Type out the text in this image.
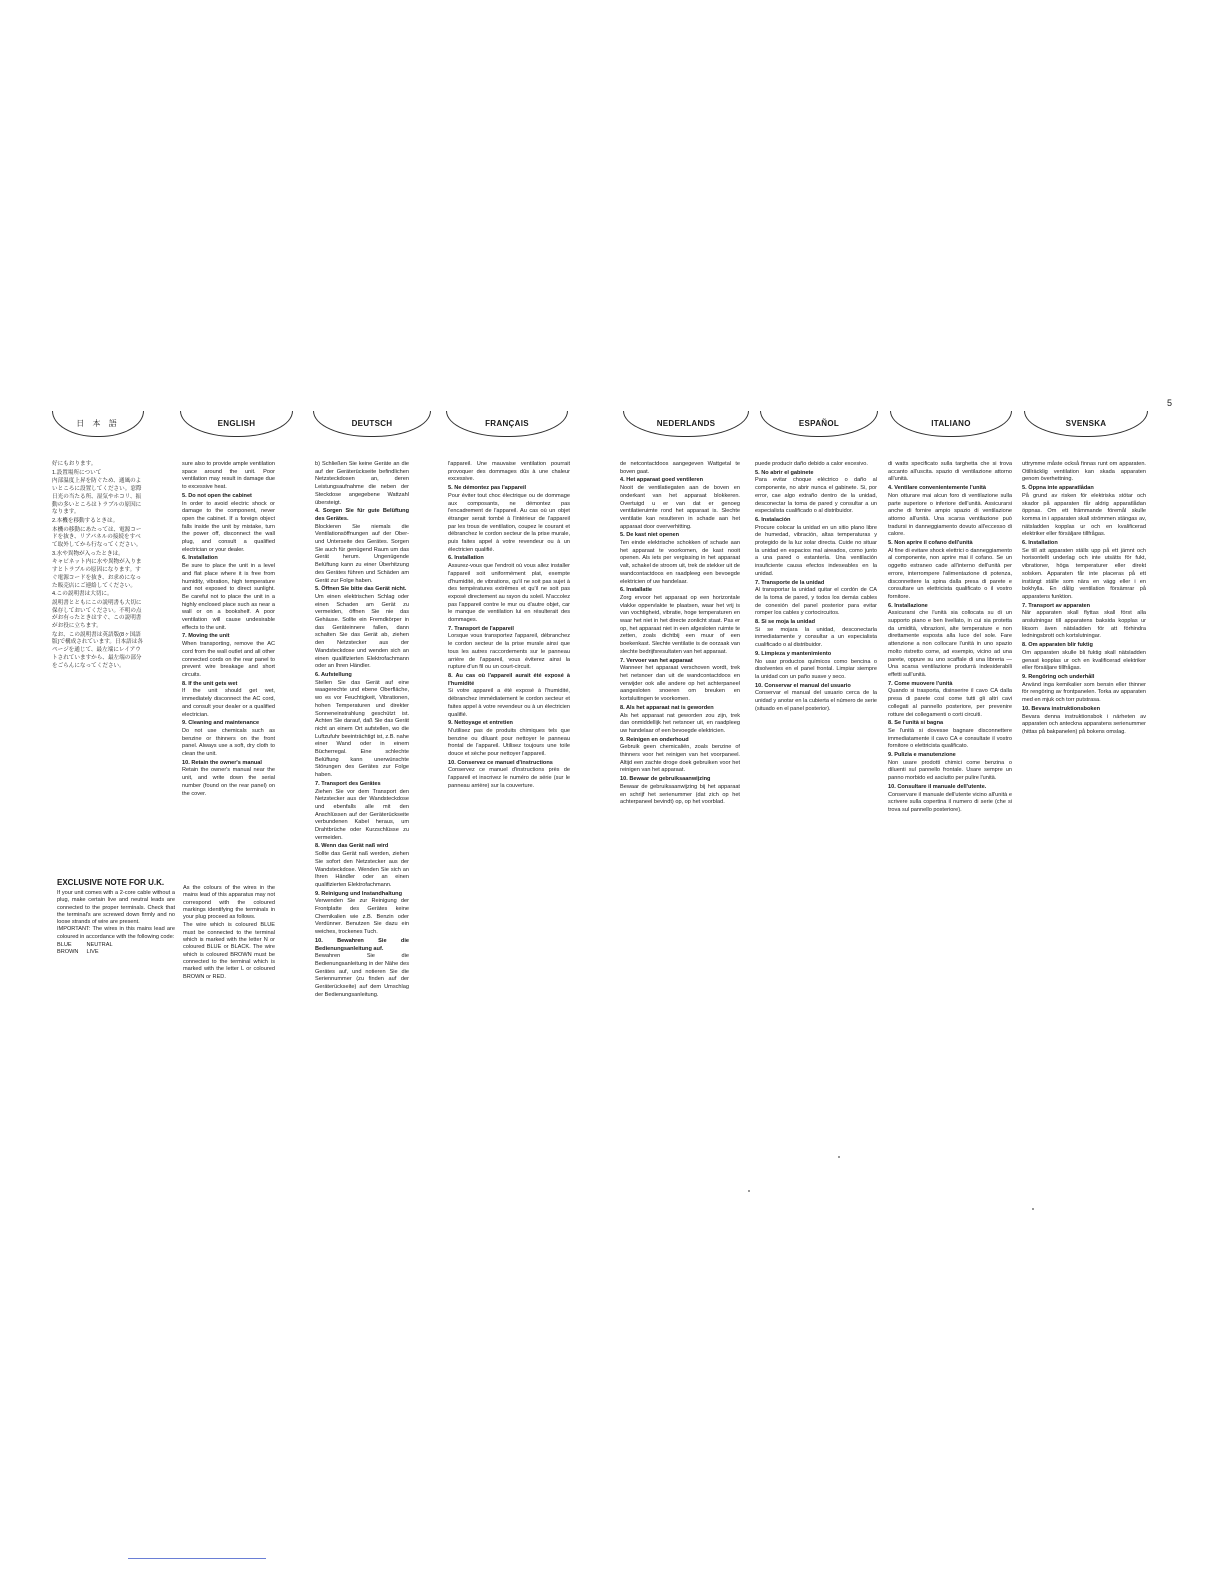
5
日 本 語	ENGLISH	DEUTSCH	FRANÇAIS	NEDERLANDS	ESPAÑOL	ITALIANO	SVENSKA

好にもおります。

1.設置場所について

内部温度上昇を防ぐため、通風のよいところに設置してください。窓際日光の当たる所、湿気やホコリ、振動の多いところはトラブルの原因になります。

2.本機を移動するときは。

本機の移動にあたっては、電源コードを抜き、リアパネルの接続をすべて取外してから行なってください。

3.水や異物が入ったときは。

キャビネット内に水や異物が入りますとトラブルの原因になります。すぐ電源コードを抜き、お求めになった販売店にご連絡してください。

4.この説明書は大切に。

説明書とともにこの説明書も大切に保存しておいてください。不明の点がお有ったときはすぐ、この説明書がお役に立ちます。

なお、この説明書は英語版(8ヶ国語版)で構成されています。日本語は各ページを通じて、最左端にレイアウトされていますから、最左端の部分をごらんになってください。

sure also to provide ample ventilation space around the unit. Poor ventilation may result in damage due to excessive heat.

5. Do not open the cabinet

In order to avoid electric shock or damage to the component, never open the cabinet. If a foreign object falls inside the unit by mistake, turn the power off, disconnect the wall plug, and consult a qualified electrician or your dealer.

6. Installation

Be sure to place the unit in a level and flat place where it is free from humidity, vibration, high temperature and not exposed to direct sunlight. Be careful not to place the unit in a highly enclosed place such as near a wall or on a bookshelf. A poor ventilation will cause undesirable effects to the unit.

7. Moving the unit

When transporting, remove the AC cord from the wall outlet and all other connected cords on the rear panel to prevent wire breakage and short circuits.

8. If the unit gets wet

If the unit should get wet, immediately disconnect the AC cord, and consult your dealer or a qualified electrician.

9. Cleaning and maintenance

Do not use chemicals such as benzine or thinners on the front panel. Always use a soft, dry cloth to clean the unit.

10. Retain the owner's manual

Retain the owner's manual near the unit, and write down the serial number (found on the rear panel) on the cover.

b) Schließen Sie keine Geräte an die auf der Geräterückseite befindlichen Netzsteckdosen an, deren Leistungsaufnahme die neben der Steckdose angegebene Wattzahl übersteigt.

4. Sorgen Sie für gute Belüftung des Gerätes.

Blockieren Sie niemals die Ventilationsöffnungen auf der Ober- und Unterseite des Gerätes. Sorgen Sie auch für genügend Raum um das Gerät herum. Ungenügende Belüftung kann zu einer Überhitzung des Gerätes führen und Schäden am Gerät zur Folge haben.

5. Öffnen Sie bitte das Gerät nicht.

Um einen elektrischen Schlag oder einen Schaden am Gerät zu vermeiden, öffnen Sie nie das Gehäuse. Sollte ein Fremdkörper in das Geräteinnere fallen, dann schalten Sie das Gerät ab, ziehen den Netzstecker aus der Wandsteckdose und wenden sich an einen qualifizierten Elektrofachmann oder an Ihren Händler.

6. Aufstellung

Stellen Sie das Gerät auf eine waagerechte und ebene Oberfläche, wo es vor Feuchtigkeit, Vibrationen, hohen Temperaturen und direkter Sonneneinstrahlung geschützt ist. Achten Sie darauf, daß Sie das Gerät nicht an einem Ort aufstellen, wo die Luftzufuhr beeinträchtigt ist, z.B. nahe einer Wand oder in einem Bücherregal. Eine schlechte Belüftung kann unerwünschte Störungen des Gerätes zur Folge haben.

7. Transport des Gerätes

Ziehen Sie vor dem Transport den Netzstecker aus der Wandsteckdose und ebenfalls alle mit den Anschlüssen auf der Geräterückseite verbundenen Kabel heraus, um Drahtbrüche oder Kurzschlüsse zu vermeiden.

8. Wenn das Gerät naß wird

Sollte das Gerät naß werden, ziehen Sie sofort den Netzstecker aus der Wandsteckdose. Wenden Sie sich an Ihren Händler oder an einen qualifizierten Elektrofachmann.

9. Reinigung und Instandhaltung

Verwenden Sie zur Reinigung der Frontplatte des Gerätes keine Chemikalien wie z.B. Benzin oder Verdünner. Benutzen Sie dazu ein weiches, trockenes Tuch.

10. Bewahren Sie die Bedienungsanleitung auf.

Bewahren Sie die Bedienungsanleitung in der Nähe des Gerätes auf, und notieren Sie die Seriennummer (zu finden auf der Geräterückseite) auf dem Umschlag der Bedienungsanleitung.

l'appareil. Une mauvaise ventilation pourrait provoquer des dommages dûs à une chaleur excessive.

5. Ne démontez pas l'appareil

Pour éviter tout choc électrique ou de dommage aux composants, ne démontez pas l'encadrement de l'appareil. Au cas où un objet étranger serait tombé à l'intérieur de l'appareil par les trous de ventilation, coupez le courant et débranchez le cordon secteur de la prise murale, puis faites appel à votre revendeur ou à un électricien qualifié.

6. Installation

Assurez-vous que l'endroit où vous allez installer l'appareil soit uniformément plat, exempte d'humidité, de vibrations, qu'il ne soit pas sujet à des températures extrêmes et qu'il ne soit pas exposé directement au rayon du soleil. N'accolez pas l'appareil contre le mur ou d'autre objet, car le manque de ventilation lui en résulterait des dommages.

7. Transport de l'appareil

Lorsque vous transportez l'appareil, débranchez le cordon secteur de la prise murale ainsi que tous les autres raccordements sur le panneau arrière de l'appareil, vous éviterez ainsi la rupture d'un fil ou un court-circuit.

8. Au cas où l'appareil aurait été exposé à l'humidité

Si votre appareil a été exposé à l'humidité, débranchez immédiatement le cordon secteur et faites appel à votre revendeur ou à un électricien qualifié.

9. Nettoyage et entretien

N'utilisez pas de produits chimiques tels que benzine ou diluant pour nettoyer le panneau frontal de l'appareil. Utilisez toujours une toile douce et sèche pour nettoyer l'appareil.

10. Conservez ce manuel d'instructions

Conservez ce manuel d'instructions près de l'appareil et inscrivez le numéro de série (sur le panneau arrière) sur la couverture.

de netcontactdoos aangegeven Wattgetal te boven gaat.

4. Het apparaat goed ventileren

Nooit de ventilatiegaten aan de boven en onderkant van het apparaat blokkeren. Overtuigd u er van dat er genoeg ventilatieruimte rond het apparaat is. Slechte ventilatie kan resulteren in schade aan het apparaat door oververhitting.

5. De kast niet openen

Ten einde elektrische schokken of schade aan het apparaat te voorkomen, de kast nooit openen. Als iets per vergissing in het apparaat valt, schakel de stroom uit, trek de stekker uit de wandcontactdoos en raadpleeg een bevoegde elektricien of uw handelaar.

6. Installatie

Zorg ervoor het apparaat op een horizontale vlakke oppervlakte te plaatsen, waar het vrij is van vochtigheid, vibratie, hoge temperaturen en waar het niet in het directe zonlicht staat. Pas er op, het apparaat niet in een afgesloten ruimte te zetten, zoals dichtbij een muur of een boekenkast. Slechte ventilatie is de oorzaak van slechte bedrijfsresultaten van het apparaat.

7. Vervoer van het apparaat

Wanneer het apparaat verschoven wordt, trek het netsnoer dan uit de wandcontactdoos en verwijder ook alle andere op het achterpaneel aangesloten snoeren om breuken en kortsluitingen te voorkomen.

8. Als het apparaat nat is geworden

Als het apparaat nat geworden zou zijn, trek dan onmiddellijk het netsnoer uit, en raadpleeg uw handelaar of een bevoegde elektricien.

9. Reinigen en onderhoud

Gebruik geen chemicaliën, zoals benzine of thinners voor het reinigen van het voorpaneel. Altijd een zachte droge doek gebruiken voor het reinigen van het apparaat.

10. Bewaar de gebruiksaanwijzing

Bewaar de gebruiksaanwijzing bij het apparaat en schrijf het serienummer (dat zich op het achterpaneel bevindt) op, op het voorblad.

puede producir daño debido a calor excesivo.

5. No abrir el gabinete

Para evitar choque eléctrico o daño al componente, no abrir nunca el gabinete. Si, por error, cae algo extraño dentro de la unidad, desconectar la toma de pared y consultar a un especialista cualificado o al distribuidor.

6. Instalación

Procure colocar la unidad en un sitio plano libre de humedad, vibración, altas temperaturas y protegido de la luz solar directa. Cuide no situar la unidad en espacios mal aireados, como junto a una pared o estantería. Una ventilación insuficiente causa efectos indeseables en la unidad.

7. Transporte de la unidad

Al transportar la unidad quitar el cordón de CA de la toma de pared, y todos los demás cables de conexión del panel posterior para evitar romper los cables y cortocircuitos.

8. Si se moja la unidad

Si se mojara la unidad, desconectarla inmediatamente y consultar a un especialista cualificado o al distribuidor.

9. Limpieza y mantenimiento

No usar productos químicos como bencina o disolventes en el panel frontal. Limpiar siempre la unidad con un paño suave y seco.

10. Conservar el manual del usuario

Conservar el manual del usuario cerca de la unidad y anotar en la cubierta el número de serie (situado en el panel posterior).

di watts specificato sulla targhetta che si trova accanto all'uscita. spazio di ventilazione attorno all'unità.

4. Ventilare convenientemente l'unità

Non otturare mai alcun foro di ventilazione sulla parte superiore o inferiore dell'unità. Assicurarsi anche di fornire ampio spazio di ventilazione attorno all'unità. Una scarsa ventilazione può tradursi in danneggiamento dovuto all'eccesso di calore.

5. Non aprire il cofano dell'unità

Al fine di evitare shock elettrici o danneggiamento al componente, non aprire mai il cofano. Se un oggetto estraneo cade all'interno dell'unità per errore, interrompere l'alimentazione di potenza, disconnettere la spina dalla presa di parete e consultare un elettricista qualificato o il vostro fornitore.

6. Installazione

Assicurarsi che l'unità sia collocata su di un supporto piano e ben livellato, in cui sia protetta da umidità, vibrazioni, alte temperature e non direttamente esposta alla luce del sole. Fare attenzione a non collocare l'unità in uno spazio molto ristretto come, ad esempio, vicino ad una parete, oppure su uno scaffale di una libreria — Una scarsa ventilazione produrrà indesiderabili effetti sull'unità.

7. Come muovere l'unità

Quando si trasporta, disinserire il cavo CA dalla presa di parete così come tutti gli altri cavi collegati al pannello posteriore, per prevenire rotture dei collegamenti o corti circuiti.

8. Se l'unità si bagna

Se l'unità si dovesse bagnare disconnettere immediatamente il cavo CA e consultate il vostro fornitore o elettricista qualificato.

9. Pulizia e manutenzione

Non usare prodotti chimici come benzina o diluenti sul pannello frontale. Usare sempre un panno morbido ed asciutto per pulire l'unità.

10. Consultare il manuale dell'utente.

Conservare il manuale dell'utente vicino all'unità e scrivere sulla copertina il numero di serie (che si trova sul pannello posteriore).

uttrymme måste också finnas runt om apparaten. Otillräcklig ventilation kan skada apparaten genom överhettning.

5. Öppna inte apparatlådan

På grund av risken för elektriska stötar och skador på apparaten får aldrig apparatlådan öppnas. Om ett främmande föremål skulle komma in i apparaten skall strömmen stängas av, nätsladden kopplas ur och en kvalificerad elektriker eller försäljare tillfrågas.

6. Installation

Se till att apparaten ställs upp på ett jämnt och horisontellt underlag och inte utsätts för fukt, vibrationer, höga temperaturer eller direkt solsken. Apparaten får inte placeras på ett instängt ställe som nära en vägg eller i en bokhylla. En dålig ventilation försämrar på apparatens funktion.

7. Transport av apparaten

När apparaten skall flyttas skall först alla anslutningar till apparatens baksida kopplas ur liksom även nätsladden för att förhindra ledningsbrott och kortslutningar.

8. Om apparaten blir fuktig

Om apparaten skulle bli fuktig skall nätsladden genast kopplas ur och en kvalificerad elektriker eller försäljare tillfrågas.

9. Rengöring och underhåll

Använd inga kemikalier som bensin eller thinner för rengöring av frontpanelen. Torka av apparaten med en mjuk och torr putstrasa.

10. Bevara instruktionsboken

Bevara denna instruktionsbok i närheten av apparaten och anteckna apparatens serienummer (hittas på bakpanelen) på bokens omslag.

EXCLUSIVE NOTE FOR U.K.

If your unit comes with a 2-core cable without a plug, make certain live and neutral leads are connected to the proper terminals. Check that the terminal's are screwed down firmly and no loose strands of wire are present.

IMPORTANT: The wires in this mains lead are coloured in accordance with the following code:

BLUE	NEUTRAL
BROWN	LIVE

As the colours of the wires in the mains lead of this apparatus may not correspond with the coloured markings identifying the terminals in your plug proceed as follows.

The wire which is coloured BLUE must be connected to the terminal which is marked with the letter N or coloured BLUE or BLACK. The wire which is coloured BROWN must be connected to the terminal which is marked with the letter L or coloured BROWN or RED.
